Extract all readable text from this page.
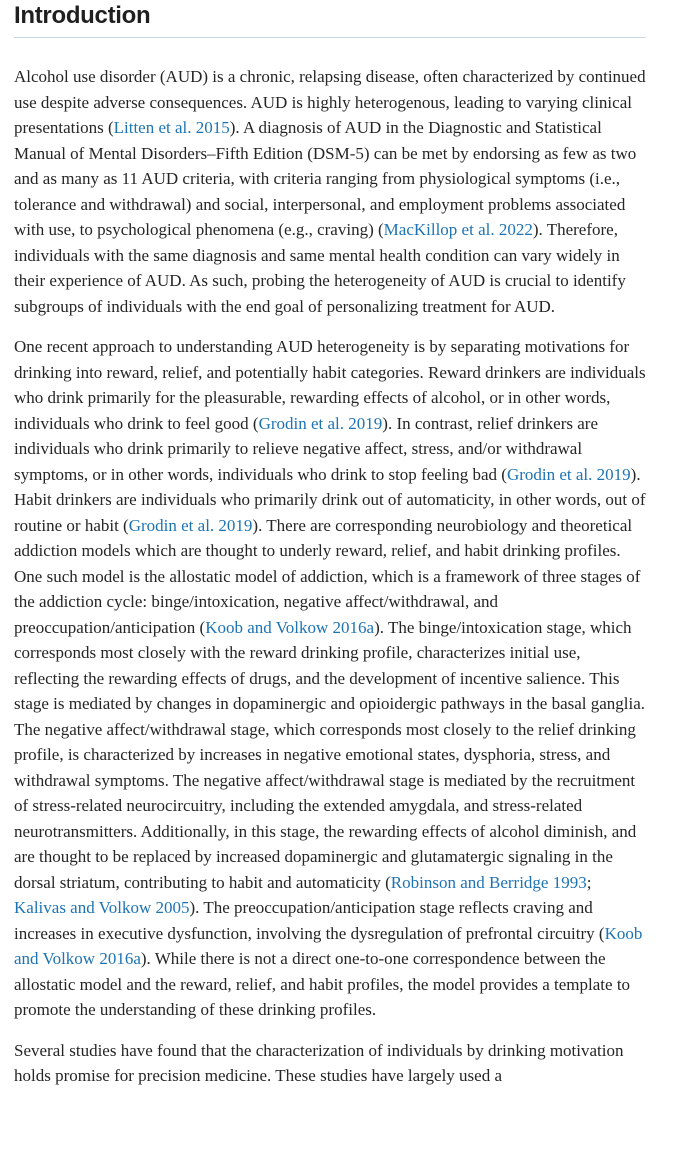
Introduction

Alcohol use disorder (AUD) is a chronic, relapsing disease, often characterized by continued use despite adverse consequences. AUD is highly heterogenous, leading to varying clinical presentations (Litten et al. 2015). A diagnosis of AUD in the Diagnostic and Statistical Manual of Mental Disorders–Fifth Edition (DSM-5) can be met by endorsing as few as two and as many as 11 AUD criteria, with criteria ranging from physiological symptoms (i.e., tolerance and withdrawal) and social, interpersonal, and employment problems associated with use, to psychological phenomena (e.g., craving) (MacKillop et al. 2022). Therefore, individuals with the same diagnosis and same mental health condition can vary widely in their experience of AUD. As such, probing the heterogeneity of AUD is crucial to identify subgroups of individuals with the end goal of personalizing treatment for AUD.

One recent approach to understanding AUD heterogeneity is by separating motivations for drinking into reward, relief, and potentially habit categories. Reward drinkers are individuals who drink primarily for the pleasurable, rewarding effects of alcohol, or in other words, individuals who drink to feel good (Grodin et al. 2019). In contrast, relief drinkers are individuals who drink primarily to relieve negative affect, stress, and/or withdrawal symptoms, or in other words, individuals who drink to stop feeling bad (Grodin et al. 2019). Habit drinkers are individuals who primarily drink out of automaticity, in other words, out of routine or habit (Grodin et al. 2019). There are corresponding neurobiology and theoretical addiction models which are thought to underly reward, relief, and habit drinking profiles. One such model is the allostatic model of addiction, which is a framework of three stages of the addiction cycle: binge/intoxication, negative affect/withdrawal, and preoccupation/anticipation (Koob and Volkow 2016a). The binge/intoxication stage, which corresponds most closely with the reward drinking profile, characterizes initial use, reflecting the rewarding effects of drugs, and the development of incentive salience. This stage is mediated by changes in dopaminergic and opioidergic pathways in the basal ganglia. The negative affect/withdrawal stage, which corresponds most closely to the relief drinking profile, is characterized by increases in negative emotional states, dysphoria, stress, and withdrawal symptoms. The negative affect/withdrawal stage is mediated by the recruitment of stress-related neurocircuitry, including the extended amygdala, and stress-related neurotransmitters. Additionally, in this stage, the rewarding effects of alcohol diminish, and are thought to be replaced by increased dopaminergic and glutamatergic signaling in the dorsal striatum, contributing to habit and automaticity (Robinson and Berridge 1993; Kalivas and Volkow 2005). The preoccupation/anticipation stage reflects craving and increases in executive dysfunction, involving the dysregulation of prefrontal circuitry (Koob and Volkow 2016a). While there is not a direct one-to-one correspondence between the allostatic model and the reward, relief, and habit profiles, the model provides a template to promote the understanding of these drinking profiles.

Several studies have found that the characterization of individuals by drinking motivation holds promise for precision medicine. These studies have largely used a
